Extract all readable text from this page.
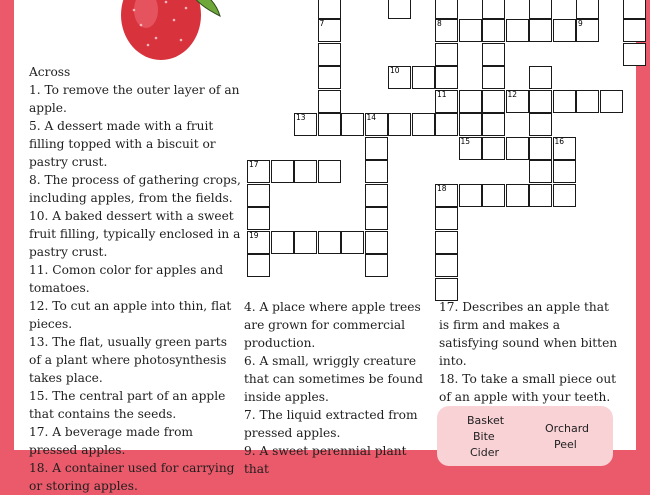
Across

1. To remove the outer layer of an apple.

5. A dessert made with a fruit filling topped with a biscuit or pastry crust.

8. The process of gathering crops, including apples, from the fields.

10. A baked dessert with a sweet fruit filling, typically enclosed in a pastry crust.

11. Comon color for apples and tomatoes.

12. To cut an apple into thin, flat pieces.

13. The flat, usually green parts of a plant where photosynthesis takes place.

15. The central part of an apple that contains the seeds.

17. A beverage made from pressed apples.

18. A container used for carrying or storing apples.

4. A place where apple trees are grown for commercial production.

6. A small, wriggly creature that can sometimes be found inside apples.

7. The liquid extracted from pressed apples.

9. A sweet perennial plant that

17. Describes an apple that is firm and makes a satisfying sound when bitten into.

18. To take a small piece out of an apple with your teeth.

7	8	9
10
11	12
13	14
15	16
17
18
19
Basket
Bite
Cider
Orchard
Peel
